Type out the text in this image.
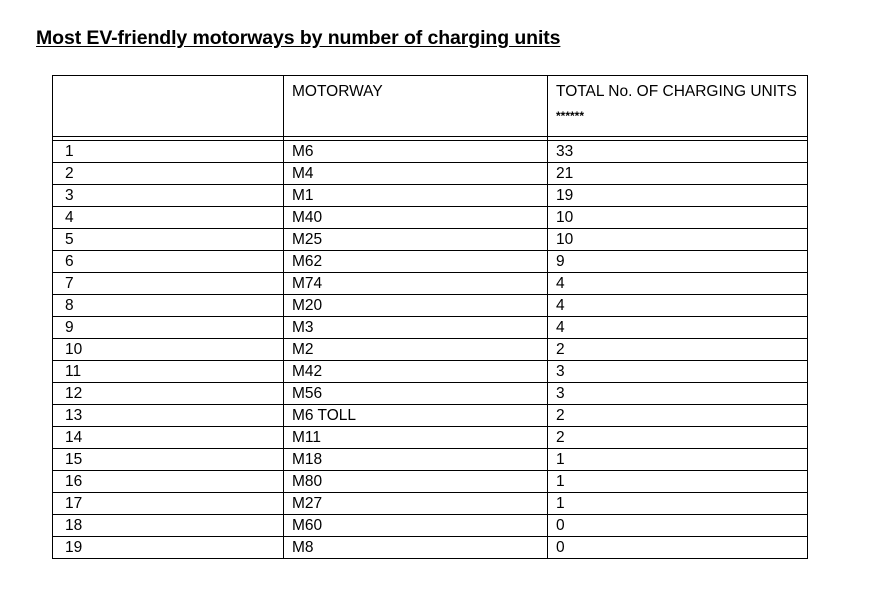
Most EV-friendly motorways by number of charging units
	MOTORWAY	TOTAL No. OF CHARGING UNITS ******

1	M6	33
2	M4	21
3	M1	19
4	M40	10
5	M25	10
6	M62	9
7	M74	4
8	M20	4
9	M3	4
10	M2	2
11	M42	3
12	M56	3
13	M6 TOLL	2
14	M11	2
15	M18	1
16	M80	1
17	M27	1
18	M60	0
19	M8	0
